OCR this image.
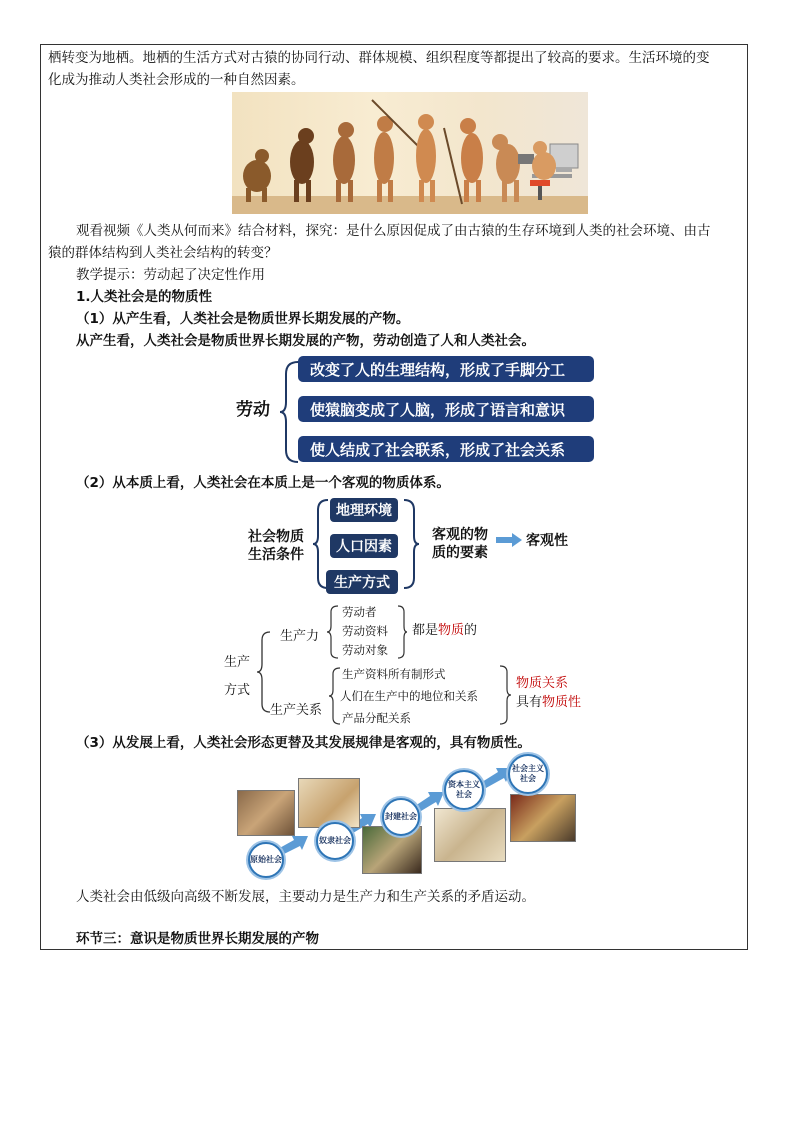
栖转变为地栖。地栖的生活方式对古猿的协同行动、群体规模、组织程度等都提出了较高的要求。生活环境的变
化成为推动人类社会形成的一种自然因素。
观看视频《人类从何而来》结合材料，探究：是什么原因促成了由古猿的生存环境到人类的社会环境、由古
猿的群体结构到人类社会结构的转变？
教学提示：劳动起了决定性作用
1.人类社会是的物质性
（1）从产生看，人类社会是物质世界长期发展的产物。
从产生看，人类社会是物质世界长期发展的产物，劳动创造了人和人类社会。
劳动
改变了人的生理结构，形成了手脚分工
使猿脑变成了人脑，形成了语言和意识
使人结成了社会联系，形成了社会关系
（2）从本质上看，人类社会在本质上是一个客观的物质体系。
社会物质
生活条件
地理环境
人口因素
生产方式
客观的物
质的要素
客观性
生产
方式
生产力
劳动者
劳动资料
劳动对象
都是物质的
生产关系
生产资料所有制形式
人们在生产中的地位和关系
产品分配关系
物质关系
具有物质性
（3）从发展上看，人类社会形态更替及其发展规律是客观的，具有物质性。
原始社会
奴隶社会
封建社会
资本主义社会
社会主义社会
人类社会由低级向高级不断发展，主要动力是生产力和生产关系的矛盾运动。
环节三：意识是物质世界长期发展的产物
